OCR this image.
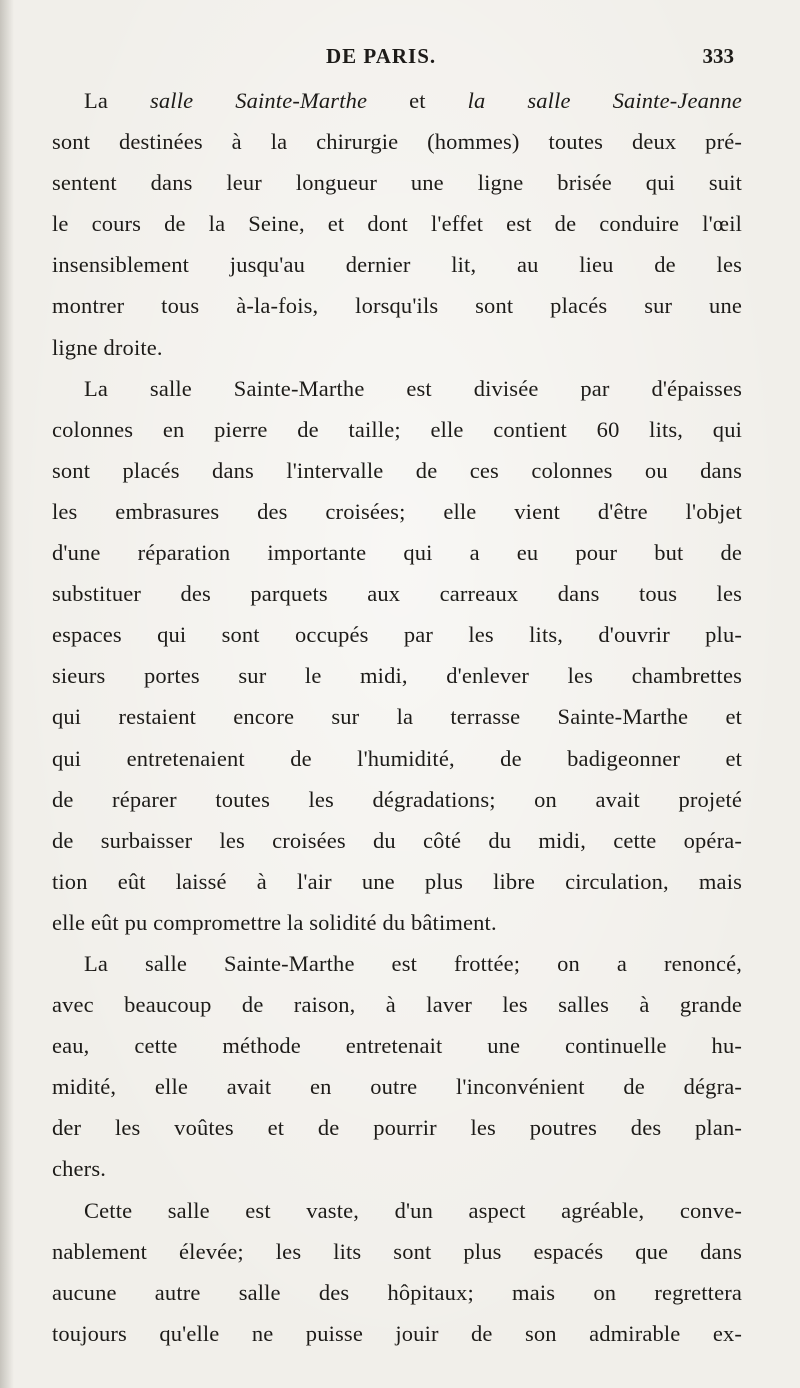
DE PARIS.	333
La salle Sainte-Marthe et la salle Sainte-Jeanne
sont destinées à la chirurgie (hommes) toutes deux pré-
sentent dans leur longueur une ligne brisée qui suit
le cours de la Seine, et dont l'effet est de conduire l'œil
insensiblement jusqu'au dernier lit, au lieu de les
montrer tous à-la-fois, lorsqu'ils sont placés sur une
ligne droite.
La salle Sainte-Marthe est divisée par d'épaisses
colonnes en pierre de taille; elle contient 60 lits, qui
sont placés dans l'intervalle de ces colonnes ou dans
les embrasures des croisées; elle vient d'être l'objet
d'une réparation importante qui a eu pour but de
substituer des parquets aux carreaux dans tous les
espaces qui sont occupés par les lits, d'ouvrir plu-
sieurs portes sur le midi, d'enlever les chambrettes
qui restaient encore sur la terrasse Sainte-Marthe et
qui entretenaient de l'humidité, de badigeonner et
de réparer toutes les dégradations; on avait projeté
de surbaisser les croisées du côté du midi, cette opéra-
tion eût laissé à l'air une plus libre circulation, mais
elle eût pu compromettre la solidité du bâtiment.
La salle Sainte-Marthe est frottée; on a renoncé,
avec beaucoup de raison, à laver les salles à grande
eau, cette méthode entretenait une continuelle hu-
midité, elle avait en outre l'inconvénient de dégra-
der les voûtes et de pourrir les poutres des plan-
chers.
Cette salle est vaste, d'un aspect agréable, conve-
nablement élevée; les lits sont plus espacés que dans
aucune autre salle des hôpitaux; mais on regrettera
toujours qu'elle ne puisse jouir de son admirable ex-
